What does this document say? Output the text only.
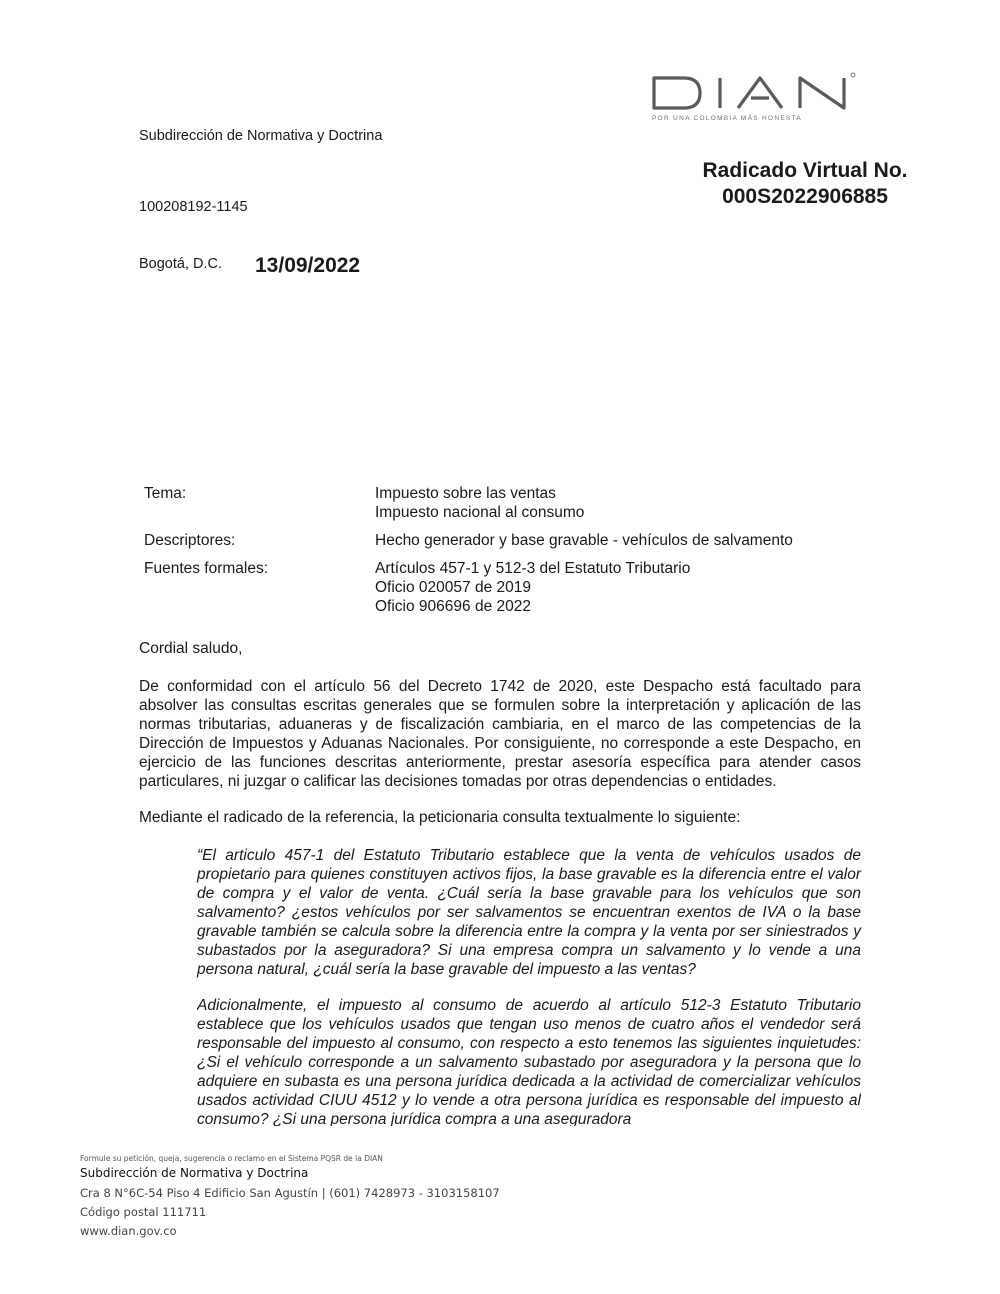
POR UNA COLOMBIA MÁS HONESTA
Subdirección de Normativa y Doctrina
100208192-1145
Radicado Virtual No.
000S2022906885
Bogotá, D.C. 13/09/2022
Tema:	Impuesto sobre las ventas
Impuesto nacional al consumo
Descriptores:	Hecho generador y base gravable - vehículos de salvamento
Fuentes formales:	Artículos 457-1 y 512-3 del Estatuto Tributario
Oficio 020057 de 2019
Oficio 906696 de 2022
Cordial saludo,
De conformidad con el artículo 56 del Decreto 1742 de 2020, este Despacho está facultado para absolver las consultas escritas generales que se formulen sobre la interpretación y aplicación de las normas tributarias, aduaneras y de fiscalización cambiaria, en el marco de las competencias de la Dirección de Impuestos y Aduanas Nacionales. Por consiguiente, no corresponde a este Despacho, en ejercicio de las funciones descritas anteriormente, prestar asesoría específica para atender casos particulares, ni juzgar o calificar las decisiones tomadas por otras dependencias o entidades.
Mediante el radicado de la referencia, la peticionaria consulta textualmente lo siguiente:
“El articulo 457-1 del Estatuto Tributario establece que la venta de vehículos usados de propietario para quienes constituyen activos fijos, la base gravable es la diferencia entre el valor de compra y el valor de venta. ¿Cuál sería la base gravable para los vehículos que son salvamento? ¿estos vehículos por ser salvamentos se encuentran exentos de IVA o la base gravable también se calcula sobre la diferencia entre la compra y la venta por ser siniestrados y subastados por la aseguradora? Si una empresa compra un salvamento y lo vende a una persona natural, ¿cuál sería la base gravable del impuesto a las ventas?
Adicionalmente, el impuesto al consumo de acuerdo al artículo 512-3 Estatuto Tributario establece que los vehículos usados que tengan uso menos de cuatro años el vendedor será responsable del impuesto al consumo, con respecto a esto tenemos las siguientes inquietudes: ¿Si el vehículo corresponde a un salvamento subastado por aseguradora y la persona que lo adquiere en subasta es una persona jurídica dedicada a la actividad de comercializar vehículos usados actividad CIUU 4512 y lo vende a otra persona jurídica es responsable del impuesto al consumo? ¿Si una persona jurídica compra a una aseguradora
Formule su petición, queja, sugerencia o reclamo en el Sistema PQSR de la DIAN
Subdirección de Normativa y Doctrina
Cra 8 N°6C-54 Piso 4 Edificio San Agustín | (601) 7428973 - 3103158107
Código postal 111711
www.dian.gov.co
